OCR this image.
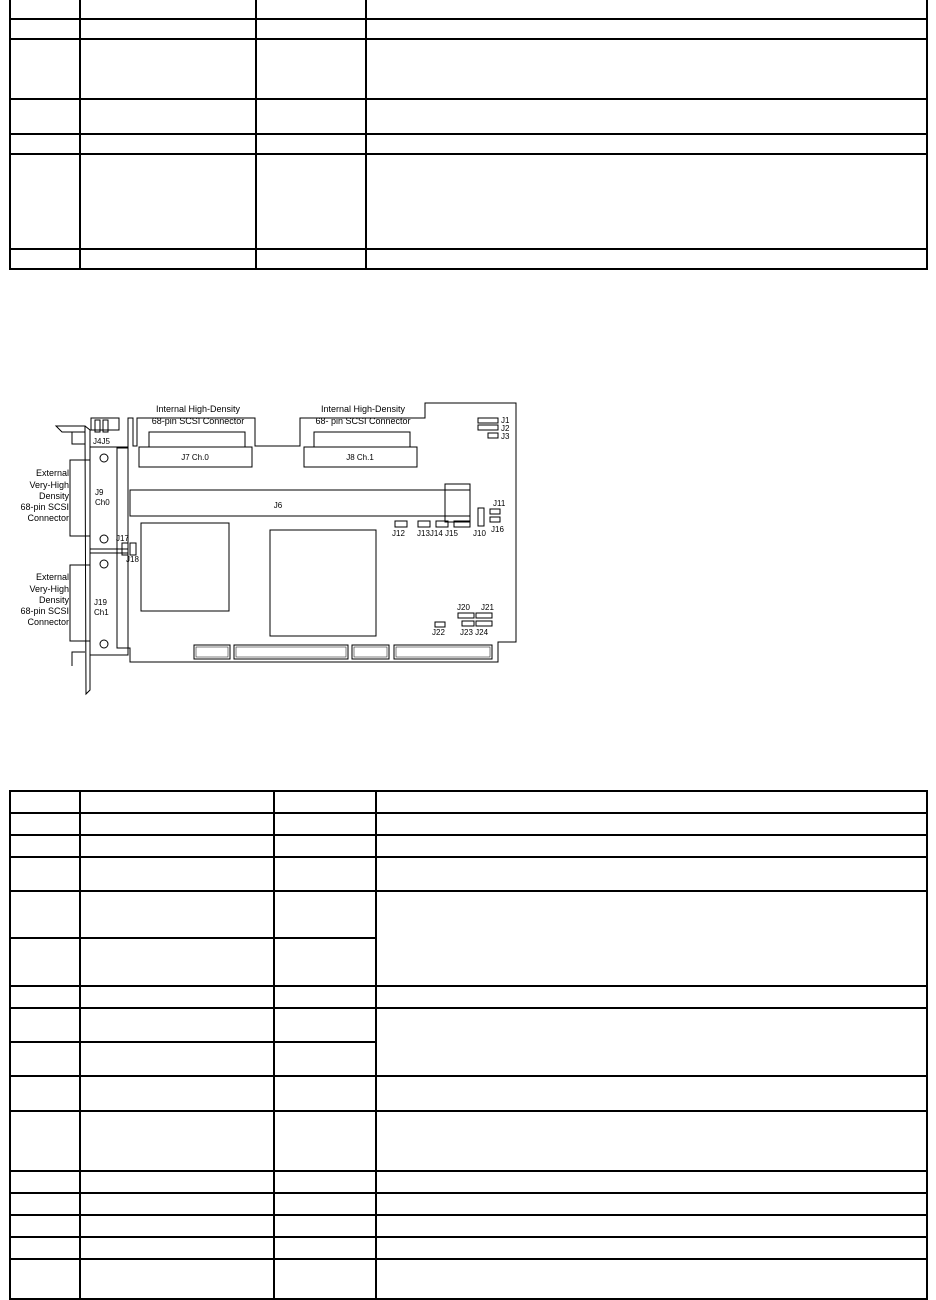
Internal High-Density
68-pin SCSI Connector
Internal High-Density
68- pin SCSI Connector
J7 Ch.0	J8 Ch.1
J6
J4J5
External
Very-High
Density
68-pin SCSI
Connector
J9
Ch0
External
Very-High
Density
68-pin SCSI
Connector
J19
Ch1
J1
J2
J3
J11
J16
J10
J12 J13J14 J15
J17
J18
J20 J21
J22 J23 J24
